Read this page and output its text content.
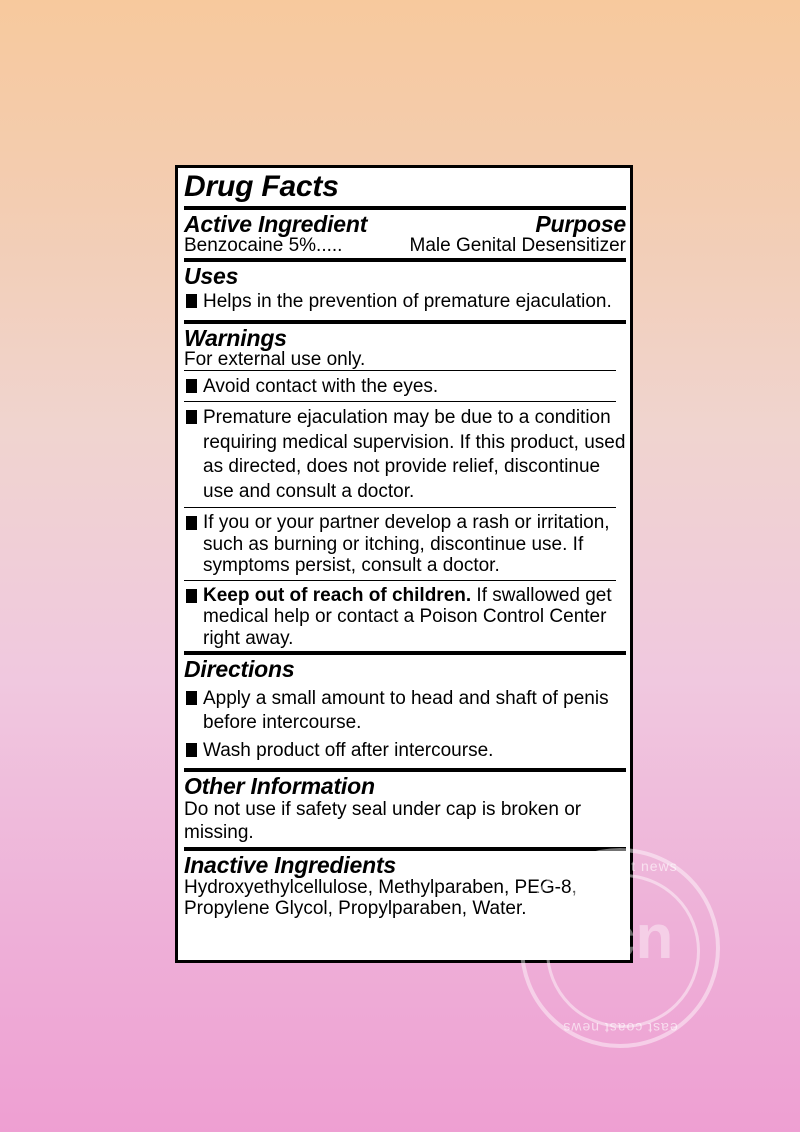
Drug Facts
Active Ingredient	Purpose
Benzocaine 5%.....	Male Genital Desensitizer
Uses
Helps in the prevention of premature ejaculation.
Warnings
For external use only.
Avoid contact with the eyes.
Premature ejaculation may be due to a condition requiring medical supervision. If this product, used as directed, does not provide relief, discontinue use and consult a doctor.
If you or your partner develop a rash or irritation, such as burning or itching, discontinue use. If symptoms persist, consult a doctor.
Keep out of reach of children. If swallowed get medical help or contact a Poison Control Center right away.
Directions
Apply a small amount to head and shaft of penis before intercourse.
Wash product off after intercourse.
Other Information
Do not use if safety seal under cap is broken or missing.
Inactive Ingredients
Hydroxyethylcellulose, Methylparaben, PEG-8, Propylene Glycol, Propylparaben, Water.
east coast news
ecn
east coast news
